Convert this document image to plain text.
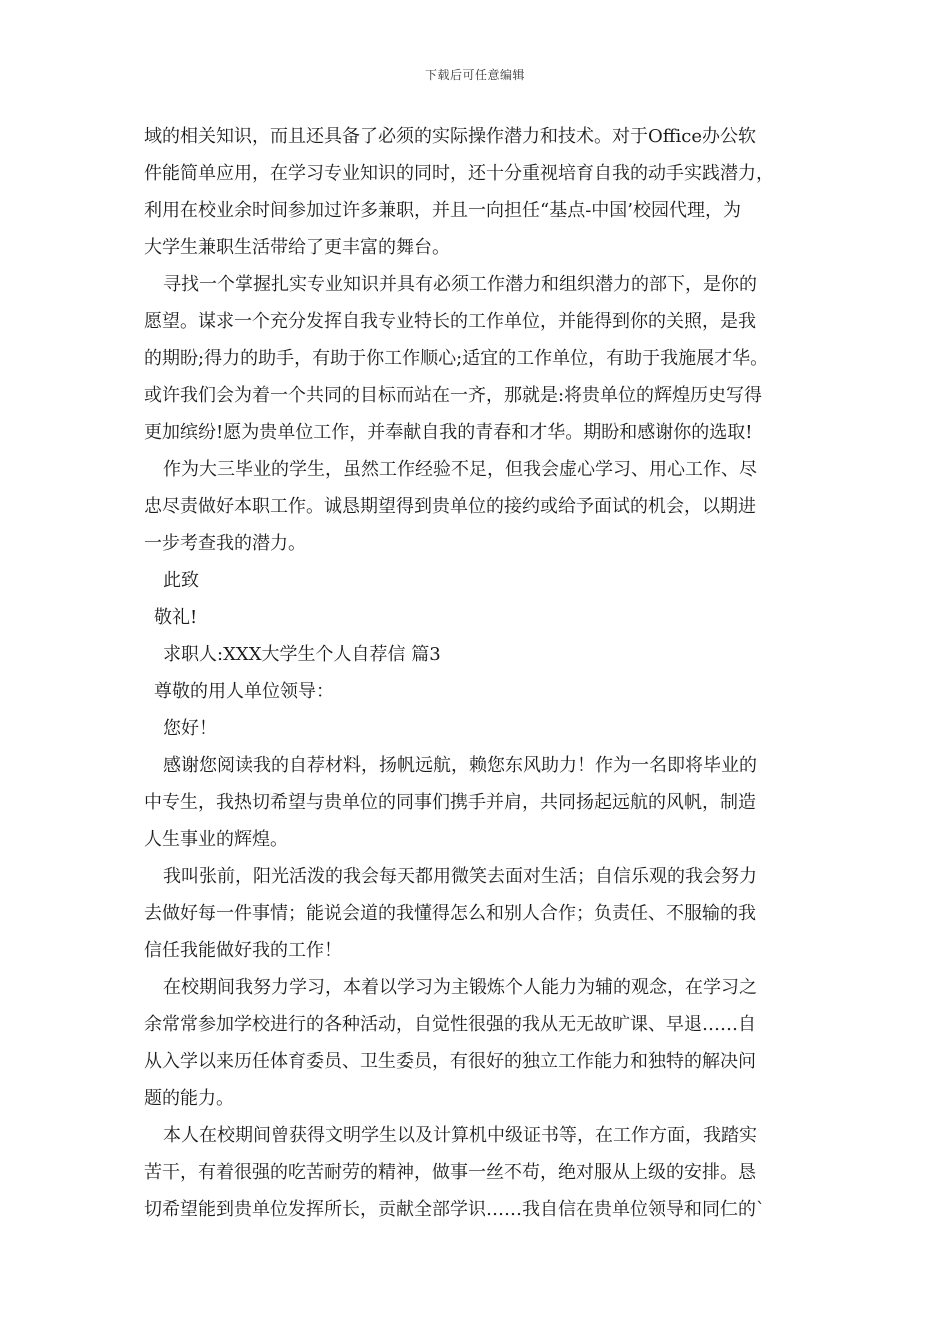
下载后可任意编辑
域的相关知识，而且还具备了必须的实际操作潜力和技术。对于Office办公软
件能简单应用，在学习专业知识的同时，还十分重视培育自我的动手实践潜力，
利用在校业余时间参加过许多兼职，并且一向担任“基点-中国’校园代理，为
大学生兼职生活带给了更丰富的舞台。
寻找一个掌握扎实专业知识并具有必须工作潜力和组织潜力的部下，是你的
愿望。谋求一个充分发挥自我专业特长的工作单位，并能得到你的关照，是我
的期盼;得力的助手，有助于你工作顺心;适宜的工作单位，有助于我施展才华。
或许我们会为着一个共同的目标而站在一齐，那就是:将贵单位的辉煌历史写得
更加缤纷!愿为贵单位工作，并奉献自我的青春和才华。期盼和感谢你的选取!
作为大三毕业的学生，虽然工作经验不足，但我会虚心学习、用心工作、尽
忠尽责做好本职工作。诚恳期望得到贵单位的接约或给予面试的机会，以期进
一步考查我的潜力。
此致
敬礼!
求职人:XXX大学生个人自荐信 篇3
尊敬的用人单位领导：
您好！
感谢您阅读我的自荐材料，扬帆远航，赖您东风助力！作为一名即将毕业的
中专生，我热切希望与贵单位的同事们携手并肩，共同扬起远航的风帆，制造
人生事业的辉煌。
我叫张前，阳光活泼的我会每天都用微笑去面对生活；自信乐观的我会努力
去做好每一件事情；能说会道的我懂得怎么和别人合作；负责任、不服输的我
信任我能做好我的工作！
在校期间我努力学习，本着以学习为主锻炼个人能力为辅的观念，在学习之
余常常参加学校进行的各种活动，自觉性很强的我从无无故旷课、早退……自
从入学以来历任体育委员、卫生委员，有很好的独立工作能力和独特的解决问
题的能力。
本人在校期间曾获得文明学生以及计算机中级证书等，在工作方面，我踏实
苦干，有着很强的吃苦耐劳的精神，做事一丝不苟，绝对服从上级的安排。恳
切希望能到贵单位发挥所长，贡献全部学识……我自信在贵单位领导和同仁的`
